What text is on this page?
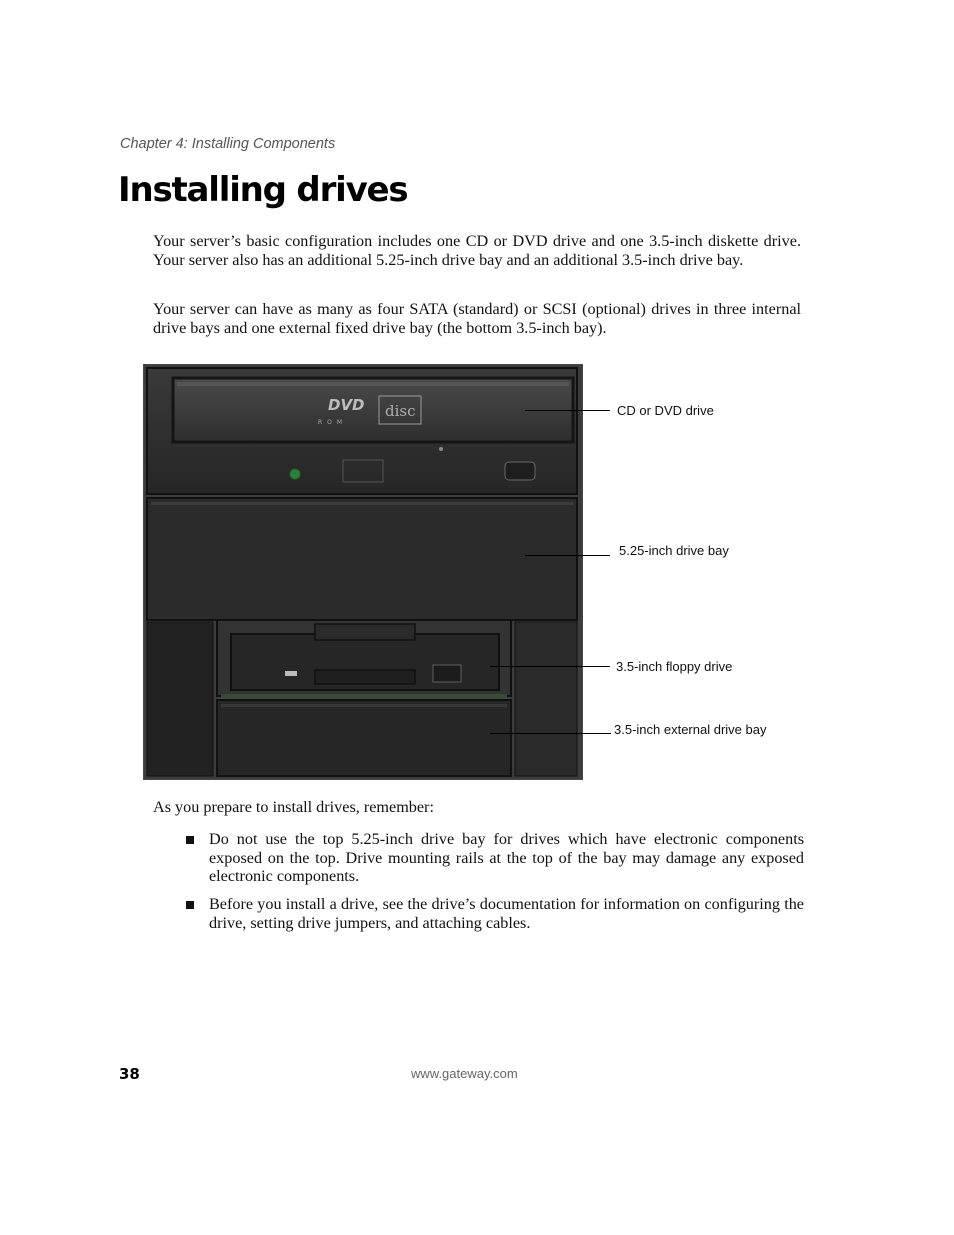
Chapter 4: Installing Components
Installing drives

Your server’s basic configuration includes one CD or DVD drive and one 3.5-inch diskette drive. Your server also has an additional 5.25-inch drive bay and an additional 3.5-inch drive bay.

Your server can have as many as four SATA (standard) or SCSI (optional) drives in three internal drive bays and one external fixed drive bay (the bottom 3.5-inch bay).

DVD
ROM
disc	CD or DVD drive
5.25-inch drive bay
3.5-inch floppy drive
3.5-inch external drive bay

As you prepare to install drives, remember:

Do not use the top 5.25-inch drive bay for drives which have electronic components exposed on the top. Drive mounting rails at the top of the bay may damage any exposed electronic components.
Before you install a drive, see the drive’s documentation for information on configuring the drive, setting drive jumpers, and attaching cables.
38	www.gateway.com
